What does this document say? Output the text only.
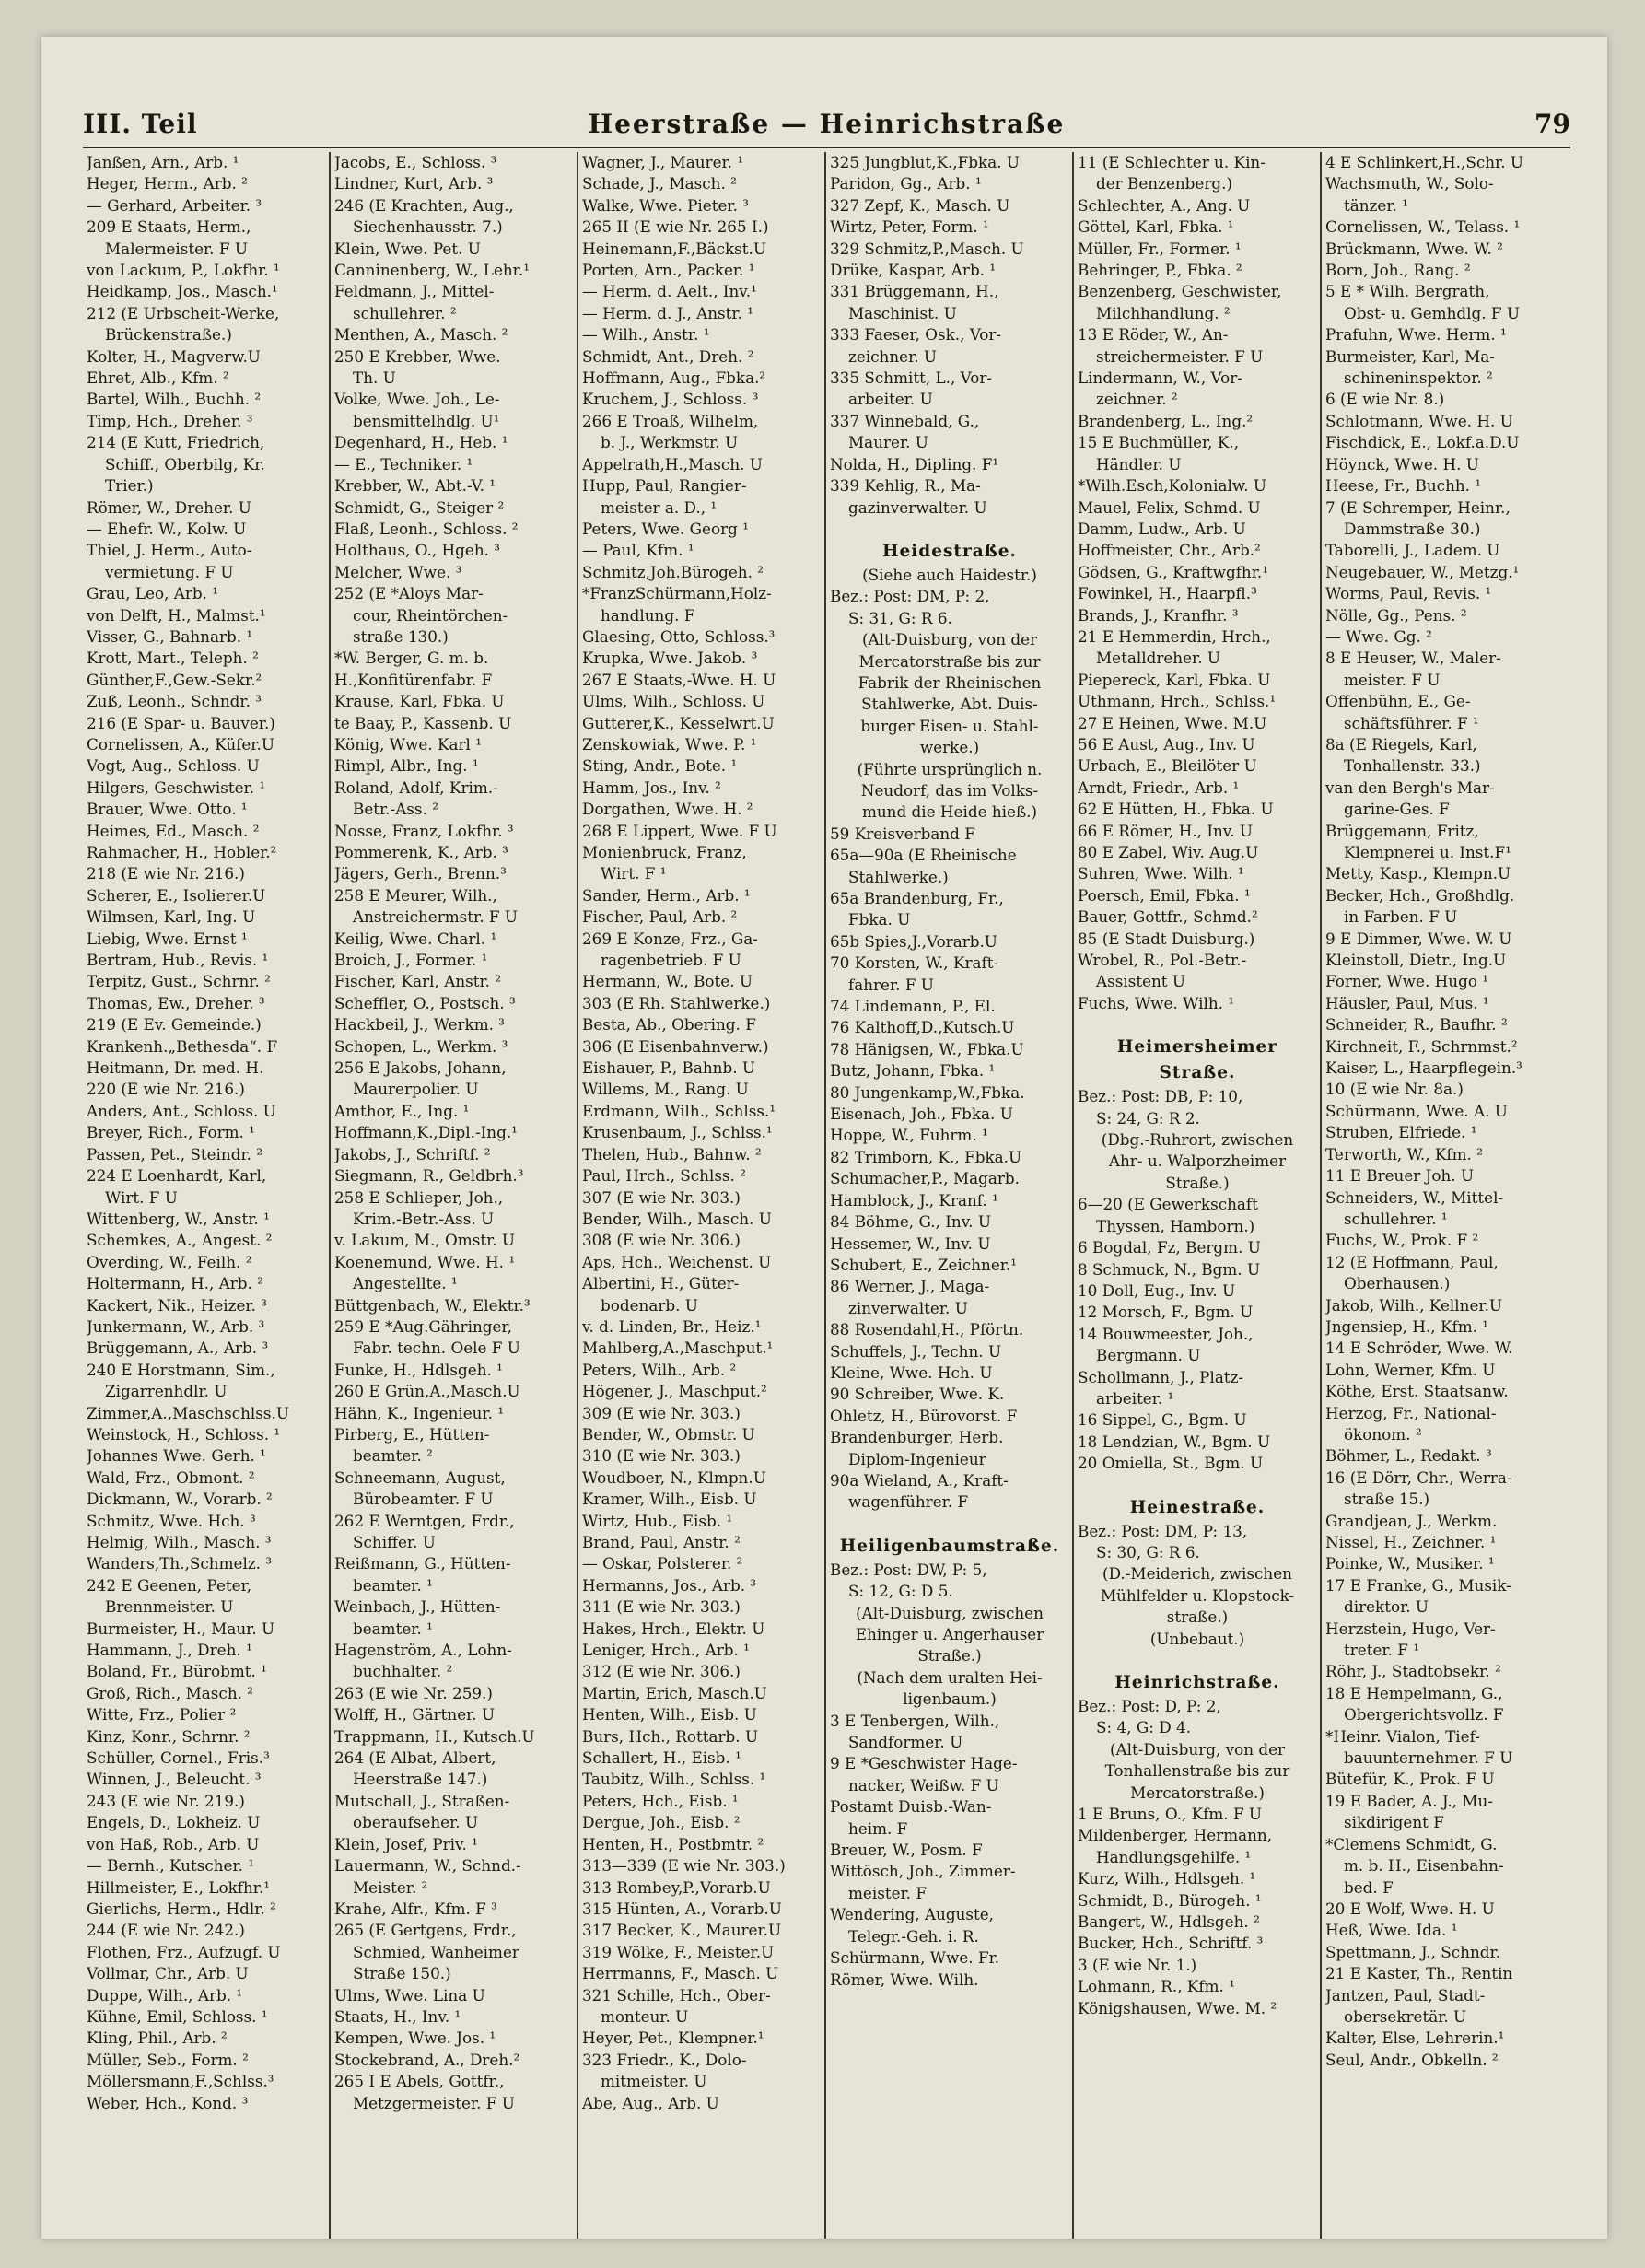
III. Teil	Heerstraße — Heinrichstraße	79
Janßen, Arn., Arb. ¹
Heger, Herm., Arb. ²
— Gerhard, Arbeiter. ³
209 E Staats, Herm.,
Malermeister. F U
von Lackum, P., Lokfhr. ¹
Heidkamp, Jos., Masch.¹
212 (E Urbscheit-Werke,
Brückenstraße.)
Kolter, H., Magverw.U
Ehret, Alb., Kfm. ²
Bartel, Wilh., Buchh. ²
Timp, Hch., Dreher. ³
214 (E Kutt, Friedrich,
Schiff., Oberbilg, Kr.
Trier.)
Römer, W., Dreher. U
— Ehefr. W., Kolw. U
Thiel, J. Herm., Auto-
vermietung. F U
Grau, Leo, Arb. ¹
von Delft, H., Malmst.¹
Visser, G., Bahnarb. ¹
Krott, Mart., Teleph. ²
Günther,F.,Gew.-Sekr.²
Zuß, Leonh., Schndr. ³
216 (E Spar- u. Bauver.)
Cornelissen, A., Küfer.U
Vogt, Aug., Schloss. U
Hilgers, Geschwister. ¹
Brauer, Wwe. Otto. ¹
Heimes, Ed., Masch. ²
Rahmacher, H., Hobler.²
218 (E wie Nr. 216.)
Scherer, E., Isolierer.U
Wilmsen, Karl, Ing. U
Liebig, Wwe. Ernst ¹
Bertram, Hub., Revis. ¹
Terpitz, Gust., Schrnr. ²
Thomas, Ew., Dreher. ³
219 (E Ev. Gemeinde.)
Krankenh.„Bethesda“. F
Heitmann, Dr. med. H.
220 (E wie Nr. 216.)
Anders, Ant., Schloss. U
Breyer, Rich., Form. ¹
Passen, Pet., Steindr. ²
224 E Loenhardt, Karl,
Wirt. F U
Wittenberg, W., Anstr. ¹
Schemkes, A., Angest. ²
Overding, W., Feilh. ²
Holtermann, H., Arb. ²
Kackert, Nik., Heizer. ³
Junkermann, W., Arb. ³
Brüggemann, A., Arb. ³
240 E Horstmann, Sim.,
Zigarrenhdlr. U
Zimmer,A.,Maschschlss.U
Weinstock, H., Schloss. ¹
Johannes Wwe. Gerh. ¹
Wald, Frz., Obmont. ²
Dickmann, W., Vorarb. ²
Schmitz, Wwe. Hch. ³
Helmig, Wilh., Masch. ³
Wanders,Th.,Schmelz. ³
242 E Geenen, Peter,
Brennmeister. U
Burmeister, H., Maur. U
Hammann, J., Dreh. ¹
Boland, Fr., Bürobmt. ¹
Groß, Rich., Masch. ²
Witte, Frz., Polier ²
Kinz, Konr., Schrnr. ²
Schüller, Cornel., Fris.³
Winnen, J., Beleucht. ³
243 (E wie Nr. 219.)
Engels, D., Lokheiz. U
von Haß, Rob., Arb. U
— Bernh., Kutscher. ¹
Hillmeister, E., Lokfhr.¹
Gierlichs, Herm., Hdlr. ²
244 (E wie Nr. 242.)
Flothen, Frz., Aufzugf. U
Vollmar, Chr., Arb. U
Duppe, Wilh., Arb. ¹
Kühne, Emil, Schloss. ¹
Kling, Phil., Arb. ²
Müller, Seb., Form. ²
Möllersmann,F.,Schlss.³
Weber, Hch., Kond. ³
Jacobs, E., Schloss. ³
Lindner, Kurt, Arb. ³
246 (E Krachten, Aug.,
Siechenhausstr. 7.)
Klein, Wwe. Pet. U
Canninenberg, W., Lehr.¹
Feldmann, J., Mittel-
schullehrer. ²
Menthen, A., Masch. ²
250 E Krebber, Wwe.
Th. U
Volke, Wwe. Joh., Le-
bensmittelhdlg. U¹
Degenhard, H., Heb. ¹
— E., Techniker. ¹
Krebber, W., Abt.-V. ¹
Schmidt, G., Steiger ²
Flaß, Leonh., Schloss. ²
Holthaus, O., Hgeh. ³
Melcher, Wwe. ³
252 (E *Aloys Mar-
cour, Rheintörchen-
straße 130.)
*W. Berger, G. m. b.
H.,Konfitürenfabr. F
Krause, Karl, Fbka. U
te Baay, P., Kassenb. U
König, Wwe. Karl ¹
Rimpl, Albr., Ing. ¹
Roland, Adolf, Krim.-
Betr.-Ass. ²
Nosse, Franz, Lokfhr. ³
Pommerenk, K., Arb. ³
Jägers, Gerh., Brenn.³
258 E Meurer, Wilh.,
Anstreichermstr. F U
Keilig, Wwe. Charl. ¹
Broich, J., Former. ¹
Fischer, Karl, Anstr. ²
Scheffler, O., Postsch. ³
Hackbeil, J., Werkm. ³
Schopen, L., Werkm. ³
256 E Jakobs, Johann,
Maurerpolier. U
Amthor, E., Ing. ¹
Hoffmann,K.,Dipl.-Ing.¹
Jakobs, J., Schriftf. ²
Siegmann, R., Geldbrh.³
258 E Schlieper, Joh.,
Krim.-Betr.-Ass. U
v. Lakum, M., Omstr. U
Koenemund, Wwe. H. ¹
Angestellte. ¹
Büttgenbach, W., Elektr.³
259 E *Aug.Gähringer,
Fabr. techn. Oele F U
Funke, H., Hdlsgeh. ¹
260 E Grün,A.,Masch.U
Hähn, K., Ingenieur. ¹
Pirberg, E., Hütten-
beamter. ²
Schneemann, August,
Bürobeamter. F U
262 E Werntgen, Frdr.,
Schiffer. U
Reißmann, G., Hütten-
beamter. ¹
Weinbach, J., Hütten-
beamter. ¹
Hagenström, A., Lohn-
buchhalter. ²
263 (E wie Nr. 259.)
Wolff, H., Gärtner. U
Trappmann, H., Kutsch.U
264 (E Albat, Albert,
Heerstraße 147.)
Mutschall, J., Straßen-
oberaufseher. U
Klein, Josef, Priv. ¹
Lauermann, W., Schnd.-
Meister. ²
Krahe, Alfr., Kfm. F ³
265 (E Gertgens, Frdr.,
Schmied, Wanheimer
Straße 150.)
Ulms, Wwe. Lina U
Staats, H., Inv. ¹
Kempen, Wwe. Jos. ¹
Stockebrand, A., Dreh.²
265 I E Abels, Gottfr.,
Metzgermeister. F U
Wagner, J., Maurer. ¹
Schade, J., Masch. ²
Walke, Wwe. Pieter. ³
265 II (E wie Nr. 265 I.)
Heinemann,F.,Bäckst.U
Porten, Arn., Packer. ¹
— Herm. d. Aelt., Inv.¹
— Herm. d. J., Anstr. ¹
— Wilh., Anstr. ¹
Schmidt, Ant., Dreh. ²
Hoffmann, Aug., Fbka.²
Kruchem, J., Schloss. ³
266 E Troaß, Wilhelm,
b. J., Werkmstr. U
Appelrath,H.,Masch. U
Hupp, Paul, Rangier-
meister a. D., ¹
Peters, Wwe. Georg ¹
— Paul, Kfm. ¹
Schmitz,Joh.Bürogeh. ²
*FranzSchürmann,Holz-
handlung. F
Glaesing, Otto, Schloss.³
Krupka, Wwe. Jakob. ³
267 E Staats,-Wwe. H. U
Ulms, Wilh., Schloss. U
Gutterer,K., Kesselwrt.U
Zenskowiak, Wwe. P. ¹
Sting, Andr., Bote. ¹
Hamm, Jos., Inv. ²
Dorgathen, Wwe. H. ²
268 E Lippert, Wwe. F U
Monienbruck, Franz,
Wirt. F ¹
Sander, Herm., Arb. ¹
Fischer, Paul, Arb. ²
269 E Konze, Frz., Ga-
ragenbetrieb. F U
Hermann, W., Bote. U
303 (E Rh. Stahlwerke.)
Besta, Ab., Obering. F
306 (E Eisenbahnverw.)
Eishauer, P., Bahnb. U
Willems, M., Rang. U
Erdmann, Wilh., Schlss.¹
Krusenbaum, J., Schlss.¹
Thelen, Hub., Bahnw. ²
Paul, Hrch., Schlss. ²
307 (E wie Nr. 303.)
Bender, Wilh., Masch. U
308 (E wie Nr. 306.)
Aps, Hch., Weichenst. U
Albertini, H., Güter-
bodenarb. U
v. d. Linden, Br., Heiz.¹
Mahlberg,A.,Maschput.¹
Peters, Wilh., Arb. ²
Högener, J., Maschput.²
309 (E wie Nr. 303.)
Bender, W., Obmstr. U
310 (E wie Nr. 303.)
Woudboer, N., Klmpn.U
Kramer, Wilh., Eisb. U
Wirtz, Hub., Eisb. ¹
Brand, Paul, Anstr. ²
— Oskar, Polsterer. ²
Hermanns, Jos., Arb. ³
311 (E wie Nr. 303.)
Hakes, Hrch., Elektr. U
Leniger, Hrch., Arb. ¹
312 (E wie Nr. 306.)
Martin, Erich, Masch.U
Henten, Wilh., Eisb. U
Burs, Hch., Rottarb. U
Schallert, H., Eisb. ¹
Taubitz, Wilh., Schlss. ¹
Peters, Hch., Eisb. ¹
Dergue, Joh., Eisb. ²
Henten, H., Postbmtr. ²
313—339 (E wie Nr. 303.)
313 Rombey,P.,Vorarb.U
315 Hünten, A., Vorarb.U
317 Becker, K., Maurer.U
319 Wölke, F., Meister.U
Herrmanns, F., Masch. U
321 Schille, Hch., Ober-
monteur. U
Heyer, Pet., Klempner.¹
323 Friedr., K., Dolo-
mitmeister. U
Abe, Aug., Arb. U
325 Jungblut,K.,Fbka. U
Paridon, Gg., Arb. ¹
327 Zepf, K., Masch. U
Wirtz, Peter, Form. ¹
329 Schmitz,P.,Masch. U
Drüke, Kaspar, Arb. ¹
331 Brüggemann, H.,
Maschinist. U
333 Faeser, Osk., Vor-
zeichner. U
335 Schmitt, L., Vor-
arbeiter. U
337 Winnebald, G.,
Maurer. U
Nolda, H., Dipling. F¹
339 Kehlig, R., Ma-
gazinverwalter. U
Heidestraße.
(Siehe auch Haidestr.)
Bez.: Post: DM, P: 2,
S: 31, G: R 6.
(Alt-Duisburg, von der
Mercatorstraße bis zur
Fabrik der Rheinischen
Stahlwerke, Abt. Duis-
burger Eisen- u. Stahl-
werke.)
(Führte ursprünglich n.
Neudorf, das im Volks-
mund die Heide hieß.)
59 Kreisverband F
65a—90a (E Rheinische
Stahlwerke.)
65a Brandenburg, Fr.,
Fbka. U
65b Spies,J.,Vorarb.U
70 Korsten, W., Kraft-
fahrer. F U
74 Lindemann, P., El.
76 Kalthoff,D.,Kutsch.U
78 Hänigsen, W., Fbka.U
Butz, Johann, Fbka. ¹
80 Jungenkamp,W.,Fbka.
Eisenach, Joh., Fbka. U
Hoppe, W., Fuhrm. ¹
82 Trimborn, K., Fbka.U
Schumacher,P., Magarb.
Hamblock, J., Kranf. ¹
84 Böhme, G., Inv. U
Hessemer, W., Inv. U
Schubert, E., Zeichner.¹
86 Werner, J., Maga-
zinverwalter. U
88 Rosendahl,H., Pförtn.
Schuffels, J., Techn. U
Kleine, Wwe. Hch. U
90 Schreiber, Wwe. K.
Ohletz, H., Bürovorst. F
Brandenburger, Herb.
Diplom-Ingenieur
90a Wieland, A., Kraft-
wagenführer. F
Heiligenbaumstraße.
Bez.: Post: DW, P: 5,
S: 12, G: D 5.
(Alt-Duisburg, zwischen
Ehinger u. Angerhauser
Straße.)
(Nach dem uralten Hei-
ligenbaum.)
3 E Tenbergen, Wilh.,
Sandformer. U
9 E *Geschwister Hage-
nacker, Weißw. F U
Postamt Duisb.-Wan-
heim. F
Breuer, W., Posm. F
Wittösch, Joh., Zimmer-
meister. F
Wendering, Auguste,
Telegr.-Geh. i. R.
Schürmann, Wwe. Fr.
Römer, Wwe. Wilh.
11 (E Schlechter u. Kin-
der Benzenberg.)
Schlechter, A., Ang. U
Göttel, Karl, Fbka. ¹
Müller, Fr., Former. ¹
Behringer, P., Fbka. ²
Benzenberg, Geschwister,
Milchhandlung. ²
13 E Röder, W., An-
streichermeister. F U
Lindermann, W., Vor-
zeichner. ²
Brandenberg, L., Ing.²
15 E Buchmüller, K.,
Händler. U
*Wilh.Esch,Kolonialw. U
Mauel, Felix, Schmd. U
Damm, Ludw., Arb. U
Hoffmeister, Chr., Arb.²
Gödsen, G., Kraftwgfhr.¹
Fowinkel, H., Haarpfl.³
Brands, J., Kranfhr. ³
21 E Hemmerdin, Hrch.,
Metalldreher. U
Piepereck, Karl, Fbka. U
Uthmann, Hrch., Schlss.¹
27 E Heinen, Wwe. M.U
56 E Aust, Aug., Inv. U
Urbach, E., Bleilöter U
Arndt, Friedr., Arb. ¹
62 E Hütten, H., Fbka. U
66 E Römer, H., Inv. U
80 E Zabel, Wiv. Aug.U
Suhren, Wwe. Wilh. ¹
Poersch, Emil, Fbka. ¹
Bauer, Gottfr., Schmd.²
85 (E Stadt Duisburg.)
Wrobel, R., Pol.-Betr.-
Assistent U
Fuchs, Wwe. Wilh. ¹
Heimersheimer Straße.
Bez.: Post: DB, P: 10,
S: 24, G: R 2.
(Dbg.-Ruhrort, zwischen
Ahr- u. Walporzheimer
Straße.)
6—20 (E Gewerkschaft
Thyssen, Hamborn.)
6 Bogdal, Fz, Bergm. U
8 Schmuck, N., Bgm. U
10 Doll, Eug., Inv. U
12 Morsch, F., Bgm. U
14 Bouwmeester, Joh.,
Bergmann. U
Schollmann, J., Platz-
arbeiter. ¹
16 Sippel, G., Bgm. U
18 Lendzian, W., Bgm. U
20 Omiella, St., Bgm. U
Heinestraße.
Bez.: Post: DM, P: 13,
S: 30, G: R 6.
(D.-Meiderich, zwischen
Mühlfelder u. Klopstock-
straße.)
(Unbebaut.)
Heinrichstraße.
Bez.: Post: D, P: 2,
S: 4, G: D 4.
(Alt-Duisburg, von der
Tonhallenstraße bis zur
Mercatorstraße.)
1 E Bruns, O., Kfm. F U
Mildenberger, Hermann,
Handlungsgehilfe. ¹
Kurz, Wilh., Hdlsgeh. ¹
Schmidt, B., Bürogeh. ¹
Bangert, W., Hdlsgeh. ²
Bucker, Hch., Schriftf. ³
3 (E wie Nr. 1.)
Lohmann, R., Kfm. ¹
Königshausen, Wwe. M. ²
4 E Schlinkert,H.,Schr. U
Wachsmuth, W., Solo-
tänzer. ¹
Cornelissen, W., Telass. ¹
Brückmann, Wwe. W. ²
Born, Joh., Rang. ²
5 E * Wilh. Bergrath,
Obst- u. Gemhdlg. F U
Prafuhn, Wwe. Herm. ¹
Burmeister, Karl, Ma-
schineninspektor. ²
6 (E wie Nr. 8.)
Schlotmann, Wwe. H. U
Fischdick, E., Lokf.a.D.U
Höynck, Wwe. H. U
Heese, Fr., Buchh. ¹
7 (E Schremper, Heinr.,
Dammstraße 30.)
Taborelli, J., Ladem. U
Neugebauer, W., Metzg.¹
Worms, Paul, Revis. ¹
Nölle, Gg., Pens. ²
— Wwe. Gg. ²
8 E Heuser, W., Maler-
meister. F U
Offenbühn, E., Ge-
schäftsführer. F ¹
8a (E Riegels, Karl,
Tonhallenstr. 33.)
van den Bergh's Mar-
garine-Ges. F
Brüggemann, Fritz,
Klempnerei u. Inst.F¹
Metty, Kasp., Klempn.U
Becker, Hch., Großhdlg.
in Farben. F U
9 E Dimmer, Wwe. W. U
Kleinstoll, Dietr., Ing.U
Forner, Wwe. Hugo ¹
Häusler, Paul, Mus. ¹
Schneider, R., Baufhr. ²
Kirchneit, F., Schrnmst.²
Kaiser, L., Haarpflegein.³
10 (E wie Nr. 8a.)
Schürmann, Wwe. A. U
Struben, Elfriede. ¹
Terworth, W., Kfm. ²
11 E Breuer Joh. U
Schneiders, W., Mittel-
schullehrer. ¹
Fuchs, W., Prok. F ²
12 (E Hoffmann, Paul,
Oberhausen.)
Jakob, Wilh., Kellner.U
Jngensiep, H., Kfm. ¹
14 E Schröder, Wwe. W.
Lohn, Werner, Kfm. U
Köthe, Erst. Staatsanw.
Herzog, Fr., National-
ökonom. ²
Böhmer, L., Redakt. ³
16 (E Dörr, Chr., Werra-
straße 15.)
Grandjean, J., Werkm.
Nissel, H., Zeichner. ¹
Poinke, W., Musiker. ¹
17 E Franke, G., Musik-
direktor. U
Herzstein, Hugo, Ver-
treter. F ¹
Röhr, J., Stadtobsekr. ²
18 E Hempelmann, G.,
Obergerichtsvollz. F
*Heinr. Vialon, Tief-
bauunternehmer. F U
Bütefür, K., Prok. F U
19 E Bader, A. J., Mu-
sikdirigent F
*Clemens Schmidt, G.
m. b. H., Eisenbahn-
bed. F
20 E Wolf, Wwe. H. U
Heß, Wwe. Ida. ¹
Spettmann, J., Schndr.
21 E Kaster, Th., Rentin
Jantzen, Paul, Stadt-
obersekretär. U
Kalter, Else, Lehrerin.¹
Seul, Andr., Obkelln. ²
